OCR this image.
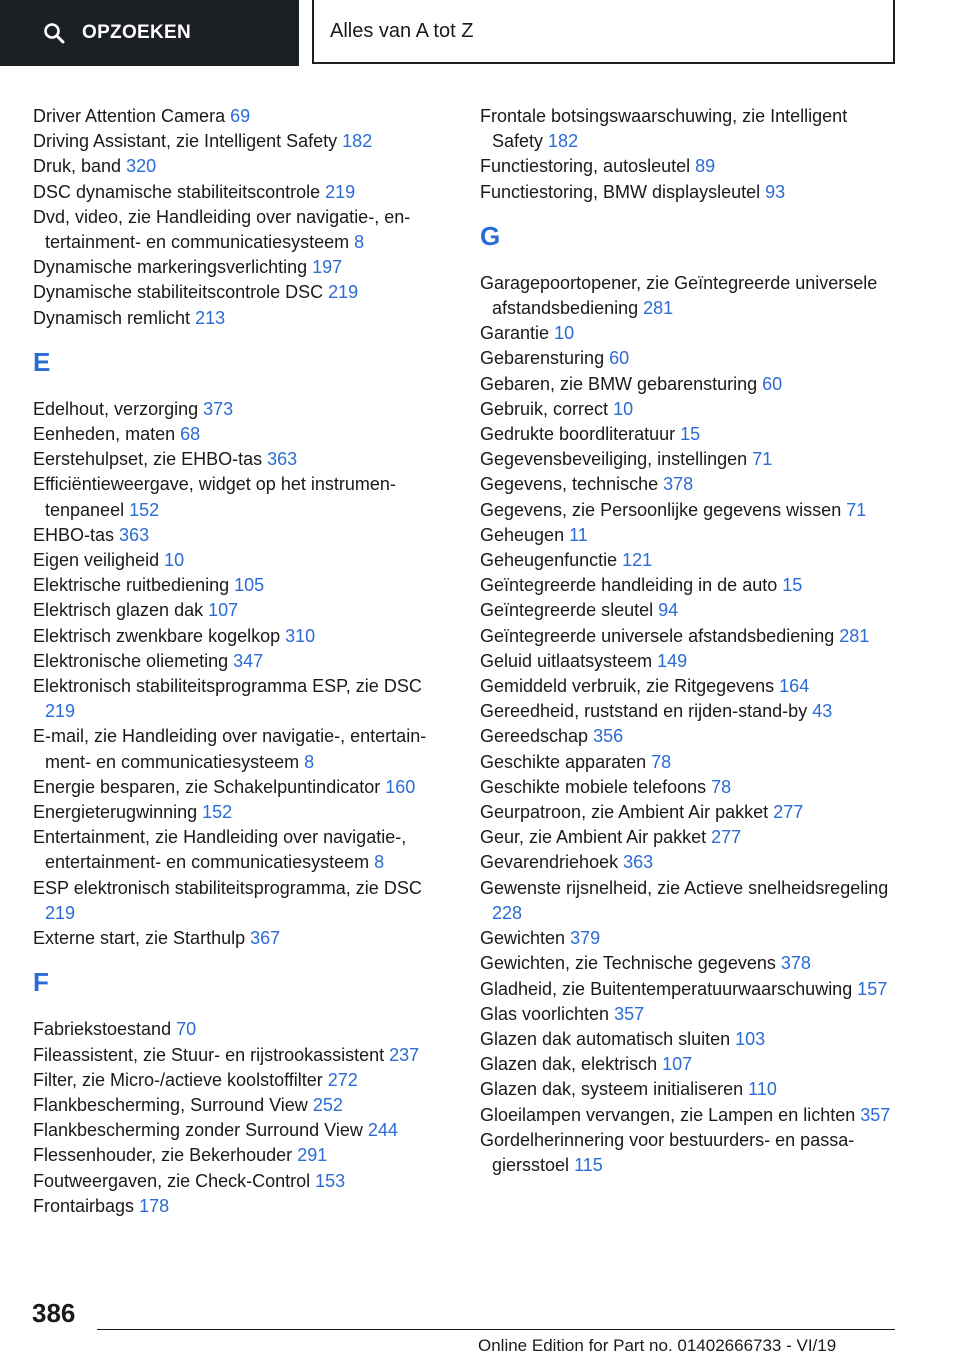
OPZOEKEN	Alles van A tot Z

Driver Attention Camera 69

Driving Assistant, zie Intelligent Safety 182

Druk, band 320

DSC dynamische stabiliteitscontrole 219

Dvd, video, zie Handleiding over navigatie-, entertainment- en communicatiesysteem 8

Dynamische markeringsverlichting 197

Dynamische stabiliteitscontrole DSC 219

Dynamisch remlicht 213

E

Edelhout, verzorging 373

Eenheden, maten 68

Eerstehulpset, zie EHBO-tas 363

Efficiëntieweergave, widget op het instrumentenpaneel 152

EHBO-tas 363

Eigen veiligheid 10

Elektrische ruitbediening 105

Elektrisch glazen dak 107

Elektrisch zwenkbare kogelkop 310

Elektronische oliemeting 347

Elektronisch stabiliteitsprogramma ESP, zie DSC 219

E-mail, zie Handleiding over navigatie-, entertainment- en communicatiesysteem 8

Energie besparen, zie Schakelpuntindicator 160

Energieterugwinning 152

Entertainment, zie Handleiding over navigatie-, entertainment- en communicatiesysteem 8

ESP elektronisch stabiliteitsprogramma, zie DSC 219

Externe start, zie Starthulp 367

F

Fabriekstoestand 70

Fileassistent, zie Stuur- en rijstrookassistent 237

Filter, zie Micro-/actieve koolstoffilter 272

Flankbescherming, Surround View 252

Flankbescherming zonder Surround View 244

Flessenhouder, zie Bekerhouder 291

Foutweergaven, zie Check-Control 153

Frontairbags 178

Frontale botsingswaarschuwing, zie Intelligent Safety 182

Functiestoring, autosleutel 89

Functiestoring, BMW displaysleutel 93

G

Garagepoortopener, zie Geïntegreerde universele afstandsbediening 281

Garantie 10

Gebarensturing 60

Gebaren, zie BMW gebarensturing 60

Gebruik, correct 10

Gedrukte boordliteratuur 15

Gegevensbeveiliging, instellingen 71

Gegevens, technische 378

Gegevens, zie Persoonlijke gegevens wissen 71

Geheugen 11

Geheugenfunctie 121

Geïntegreerde handleiding in de auto 15

Geïntegreerde sleutel 94

Geïntegreerde universele afstandsbediening 281

Geluid uitlaatsysteem 149

Gemiddeld verbruik, zie Ritgegevens 164

Gereedheid, ruststand en rijden-stand-by 43

Gereedschap 356

Geschikte apparaten 78

Geschikte mobiele telefoons 78

Geurpatroon, zie Ambient Air pakket 277

Geur, zie Ambient Air pakket 277

Gevarendriehoek 363

Gewenste rijsnelheid, zie Actieve snelheidsregeling 228

Gewichten 379

Gewichten, zie Technische gegevens 378

Gladheid, zie Buitentemperatuurwaarschuwing 157

Glas voorlichten 357

Glazen dak automatisch sluiten 103

Glazen dak, elektrisch 107

Glazen dak, systeem initialiseren 110

Gloeilampen vervangen, zie Lampen en lichten 357

Gordelherinnering voor bestuurders- en passagiersstoel 115

386
Online Edition for Part no. 01402666733 - VI/19
